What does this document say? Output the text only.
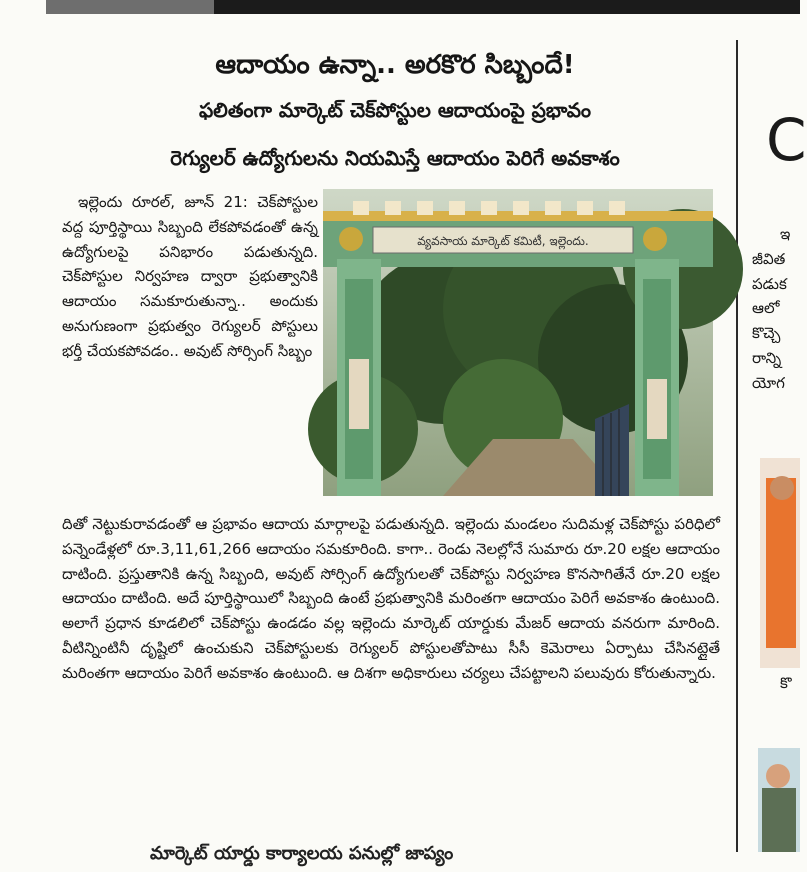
ఆదాయం ఉన్నా.. అరకొర సిబ్బందే!
ఫలితంగా మార్కెట్ చెక్‌పోస్టుల ఆదాయంపై ప్రభావం
రెగ్యులర్ ఉద్యోగులను నియమిస్తే ఆదాయం పెరిగే అవకాశం

ఇల్లెందు రూరల్, జూన్ 21: చెక్‌పోస్టుల వద్ద పూర్తిస్థాయి సిబ్బంది లేకపోవడంతో ఉన్న ఉద్యోగులపై పనిభారం పడుతున్నది. చెక్‌పోస్టుల నిర్వహణ ద్వారా ప్రభుత్వానికి ఆదాయం సమకూరుతున్నా.. అందుకు అనుగుణంగా ప్రభుత్వం రెగ్యులర్ పోస్టులు భర్తీ చేయకపోవడం.. అవుట్ సోర్సింగ్ సిబ్బం

వ్యవసాయ మార్కెట్ కమిటీ, ఇల్లెందు.

దితో నెట్టుకురావడంతో ఆ ప్రభావం ఆదాయ మార్గాలపై పడుతున్నది. ఇల్లెందు మండలం సుదిమళ్ల చెక్‌పోస్టు పరిధిలో పన్నెండేళ్లలో రూ.3,11,61,266 ఆదాయం సమకూరింది. కాగా.. రెండు నెలల్లోనే సుమారు రూ.20 లక్షల ఆదాయం దాటింది. ప్రస్తుతానికి ఉన్న సిబ్బంది, అవుట్ సోర్సింగ్ ఉద్యోగులతో చెక్‌పోస్టు నిర్వహణ కొనసాగితేనే రూ.20 లక్షల ఆదాయం దాటింది. అదే పూర్తిస్థాయిలో సిబ్బంది ఉంటే ప్రభుత్వానికి మరింతగా ఆదాయం పెరిగే అవకాశం ఉంటుంది. అలాగే ప్రధాన కూడలిలో చెక్‌పోస్టు ఉండడం వల్ల ఇల్లెందు మార్కెట్ యార్డుకు మేజర్ ఆదాయ వనరుగా మారింది. వీటిన్నింటినీ దృష్టిలో ఉంచుకుని చెక్‌పోస్టులకు రెగ్యులర్ పోస్టులతోపాటు సీసీ కెమెరాలు ఏర్పాటు చేసినట్లైతే మరింతగా ఆదాయం పెరిగే అవకాశం ఉంటుంది. ఆ దిశగా అధికారులు చర్యలు చేపట్టాలని పలువురు కోరుతున్నారు.

మార్కెట్ యార్డు కార్యాలయ పనుల్లో జాప్యం
C
ఇ
జీవిత
పడుక
ఆలో
కొచ్చె
రాన్ని
యోగ
కొ
